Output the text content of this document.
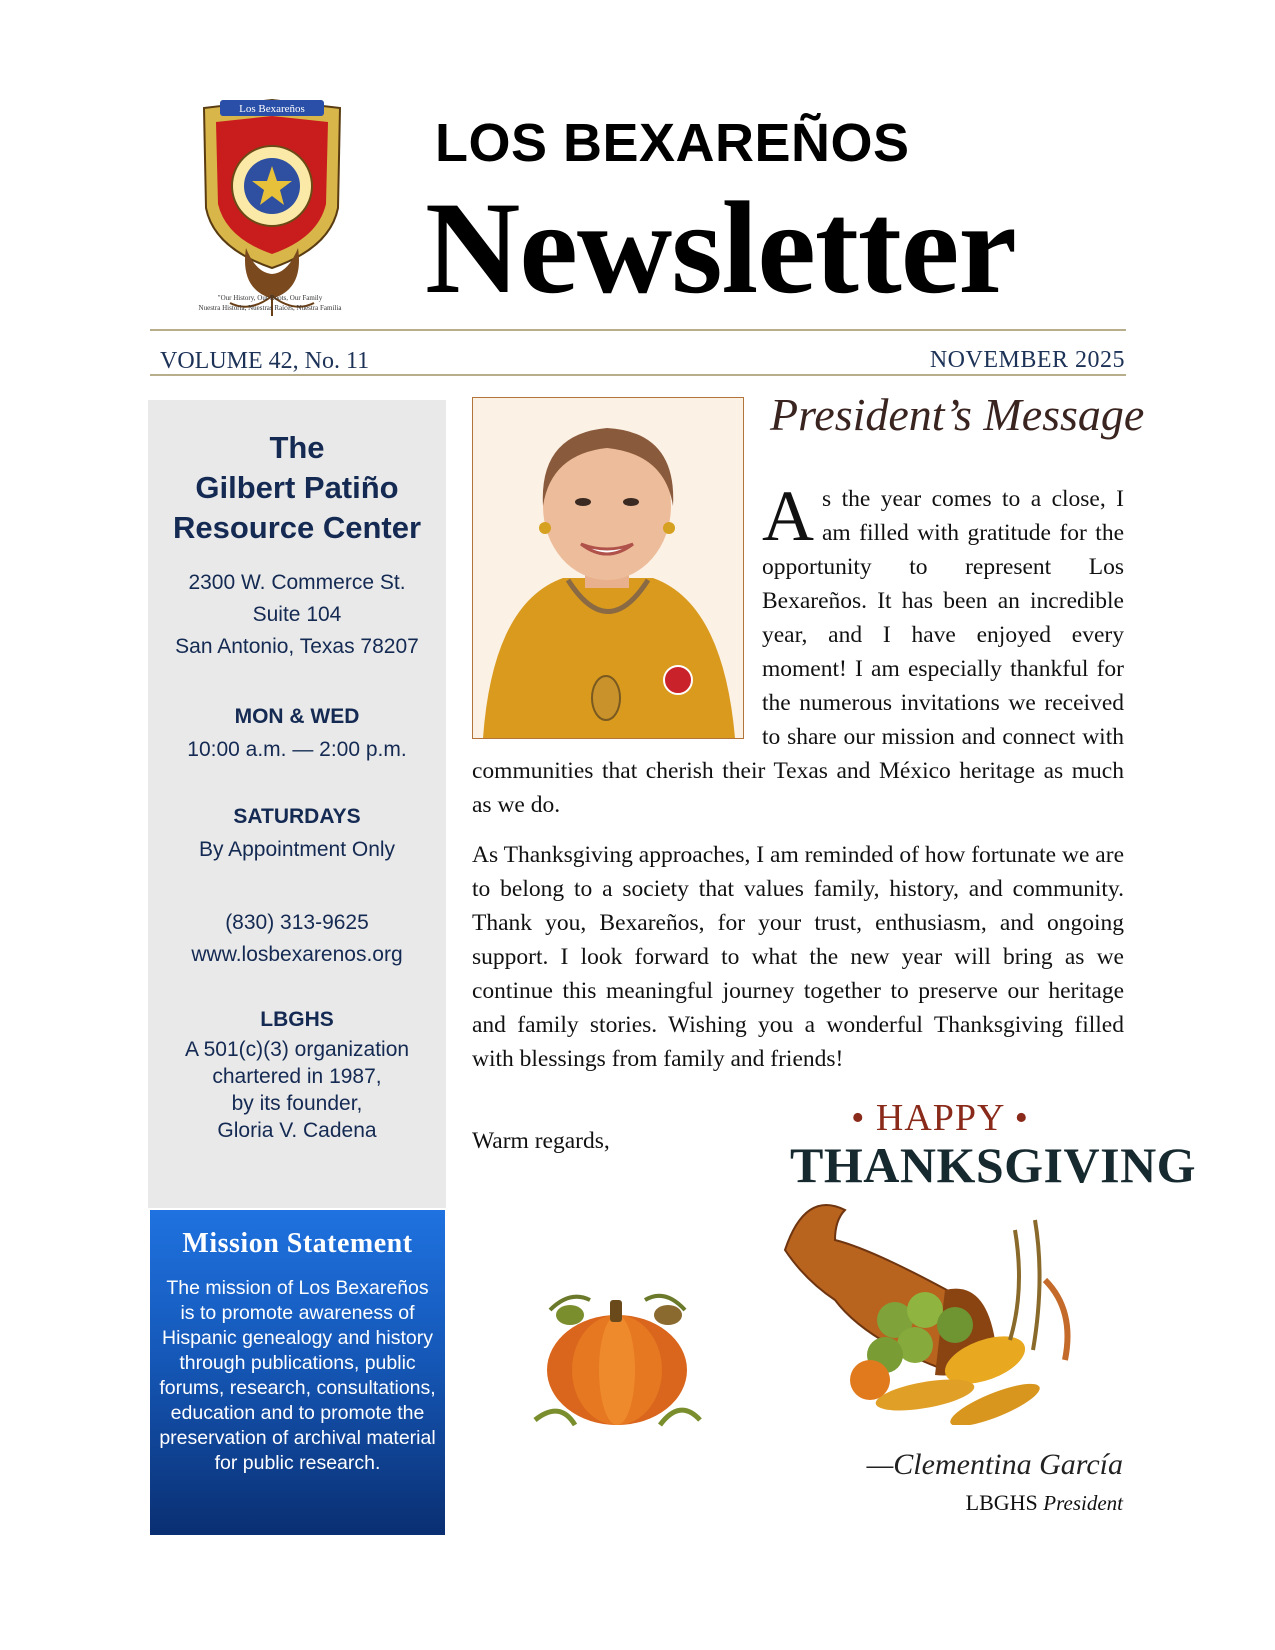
Los Bexareños
"Our History, Our Roots, Our Family
Nuestra Historia, Nuestras Raíces, Nuestra Familia
LOS BEXAREÑOS
Newsletter
VOLUME 42, No. 11	NOVEMBER 2025
The
Gilbert Patiño
Resource Center
2300 W. Commerce St.
Suite 104
San Antonio, Texas 78207
MON & WED
10:00 a.m. — 2:00 p.m.
SATURDAYS
By Appointment Only
(830) 313-9625
www.losbexarenos.org
LBGHS
A 501(c)(3) organization
chartered in 1987,
by its founder,
Gloria V. Cadena
Mission Statement
The mission of Los Bexareños is to promote awareness of Hispanic genealogy and history through publications, public forums, research, consultations, education and to promote the preservation of archival material for public research.
President’s Message

A s the year comes to a close, I am filled with gratitude for the opportunity to represent Los Bexareños. It has been an incredible year, and I have enjoyed every moment! I am especially thankful for the numerous invitations we received to share our mission and connect with communities that cherish their Texas and México heritage as much as we do.

As Thanksgiving approaches, I am reminded of how fortunate we are to belong to a society that values family, history, and community. Thank you, Bexareños, for your trust, enthusiasm, and ongoing support. I look forward to what the new year will bring as we continue this meaningful journey together to preserve our heritage and family stories. Wishing you a wonderful Thanksgiving filled with blessings from family and friends!
Warm regards,
• HAPPY •
THANKSGIVING
—Clementina García
LBGHS President
